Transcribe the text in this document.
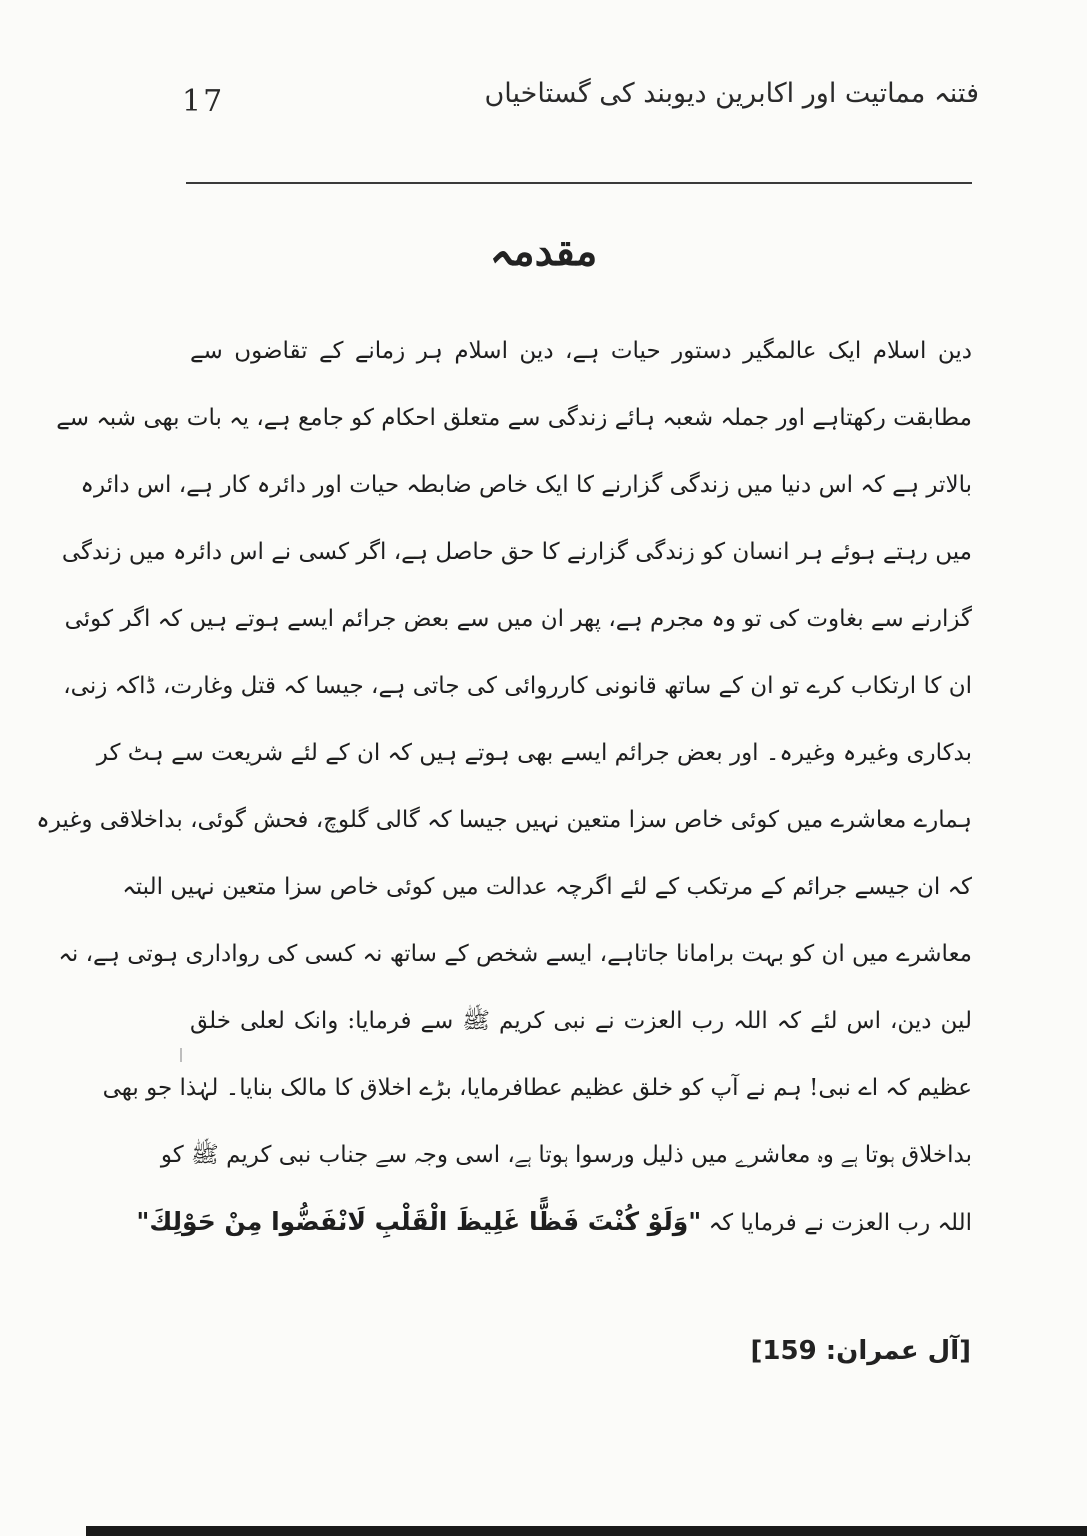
فتنہ مماتیت اور اکابرین دیوبند کی گستاخیاں
17
مقدمہ
دین اسلام ایک عالمگیر دستور حیات ہے، دین اسلام ہر زمانے کے تقاضوں سے
مطابقت رکھتاہے اور جملہ شعبہ ہائے زندگی سے متعلق احکام کو جامع ہے، یہ بات بھی شبہ سے
بالاتر ہے کہ اس دنیا میں زندگی گزارنے کا ایک خاص ضابطہ حیات اور دائرہ کار ہے، اس دائرہ
میں رہتے ہوئے ہر انسان کو زندگی گزارنے کا حق حاصل ہے، اگر کسی نے اس دائرہ میں زندگی
گزارنے سے بغاوت کی تو وہ مجرم ہے، پھر ان میں سے بعض جرائم ایسے ہوتے ہیں کہ اگر کوئی
ان کا ارتکاب کرے تو ان کے ساتھ قانونی کارروائی کی جاتی ہے، جیسا کہ قتل وغارت، ڈاکہ زنی،
بدکاری وغیرہ وغیرہ۔ اور بعض جرائم ایسے بھی ہوتے ہیں کہ ان کے لئے شریعت سے ہٹ کر
ہمارے معاشرے میں کوئی خاص سزا متعین نہیں جیسا کہ گالی گلوچ، فحش گوئی، بداخلاقی وغیرہ
کہ ان جیسے جرائم کے مرتکب کے لئے اگرچہ عدالت میں کوئی خاص سزا متعین نہیں البتہ
معاشرے میں ان کو بہت برامانا جاتاہے، ایسے شخص کے ساتھ نہ کسی کی رواداری ہوتی ہے، نہ
لین دین، اس لئے کہ اللہ رب العزت نے نبی کریم ﷺ سے فرمایا: وانک لعلی خلق
عظیم کہ اے نبی! ہم نے آپ کو خلق عظیم عطافرمایا، بڑے اخلاق کا مالک بنایا۔ لہٰذا جو بھی
بداخلاق ہوتا ہے وہ معاشرے میں ذلیل ورسوا ہوتا ہے، اسی وجہ سے جناب نبی کریم ﷺ کو
اللہ رب العزت نے فرمایا کہ "وَلَوْ كُنْتَ فَظًّا غَلِيظَ الْقَلْبِ لَانْفَضُّوا مِنْ حَوْلِكَ"
[آل عمران: 159]
